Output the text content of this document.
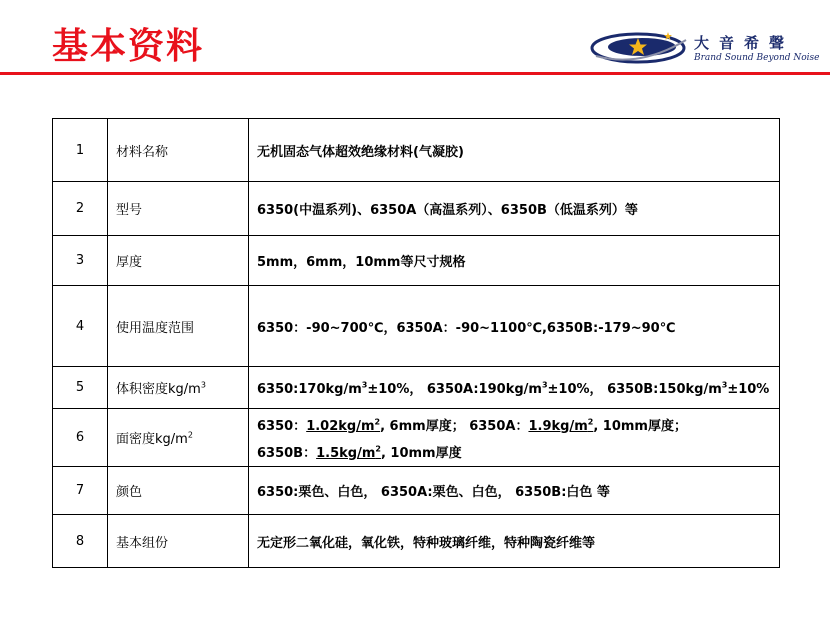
基本资料	大音希聲
Brand Sound Beyond Noise
1	材料名称	无机固态气体超效绝缘材料(气凝胶)
2	型号	6350(中温系列)、6350A（高温系列）、6350B（低温系列）等
3	厚度	5mm，6mm，10mm等尺寸规格
4	使用温度范围	6350：-90~700℃，6350A：-90~1100℃,6350B:-179~90℃
5	体积密度$kg/m^3$	$6350:170kg/m^3\pm 10\%$， $6350A:190kg/m^3\pm 10\%$， $6350B:150kg/m^3\pm 10\%$
6	面密度$kg/m^2$	6350：$1.02kg/m^2$, 6mm厚度； 6350A：$1.9kg/m^2$, 10mm厚度；
6350B：$1.5kg/m^2$, 10mm厚度

7	颜色	6350:栗色、白色， 6350A:栗色、白色， 6350B:白色 等
8	基本组份	无定形二氧化硅，氧化铁，特种玻璃纤维，特种陶瓷纤维等
